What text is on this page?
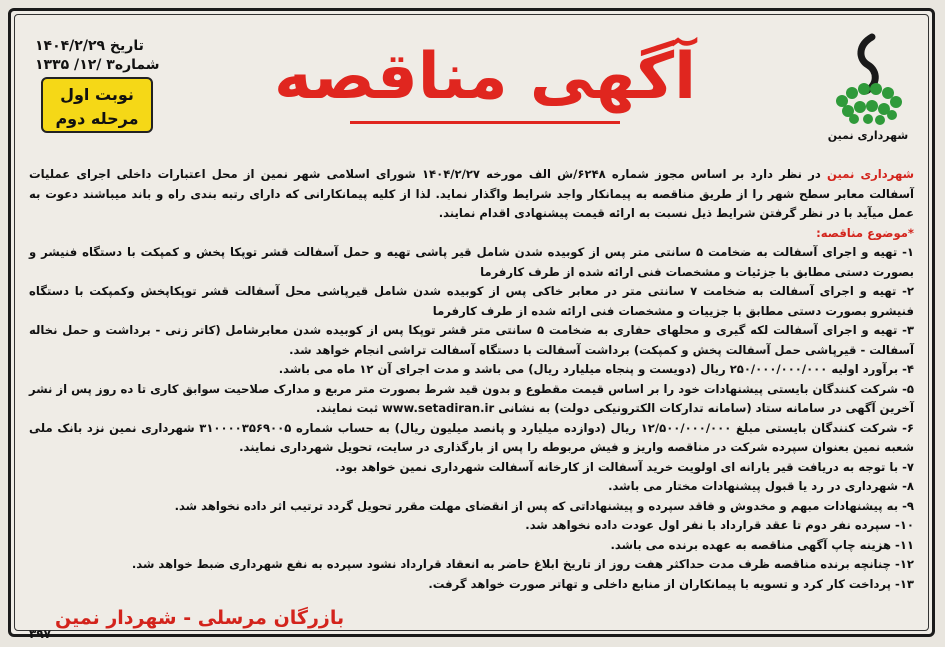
شهرداری نمین
آگهی مناقصه
تاریخ ۱۴۰۴/۲/۲۹
شماره۳ /۱۲/ ۱۳۳۵
نوبت اول
مرحله دوم

شهرداری نمین در نظر دارد بر اساس مجوز شماره ۶۲۴۸/ش الف مورخه ۱۴۰۴/۲/۲۷ شورای اسلامی شهر نمین از محل اعتبارات داخلی اجرای عملیات آسفالت معابر سطح شهر را از طریق مناقصه به پیمانکار واجد شرایط واگذار نماید. لذا از کلیه پیمانکارانی که دارای رتبه بندی راه و باند میباشند دعوت به عمل میآید با در نظر گرفتن شرایط ذیل نسبت به ارائه قیمت پیشنهادی اقدام نمایند.

*موضوع مناقصه:

۱- تهیه و اجرای آسفالت به ضخامت ۵ سانتی متر پس از کوبیده شدن شامل قیر پاشی تهیه و حمل آسفالت قشر توپکا پخش و کمپکت با دستگاه فنیشر و بصورت دستی مطابق با جزئیات و مشخصات فنی ارائه شده از طرف کارفرما
۲- تهیه و اجرای آسفالت به ضخامت ۷ سانتی متر در معابر خاکی پس از کوبیده شدن شامل قیرپاشی محل آسفالت قشر توپکاپخش وکمپکت با دستگاه فنیشرو بصورت دستی مطابق با جزییات و مشخصات فنی ارائه شده از طرف کارفرما
۳- تهیه و اجرای آسفالت لکه گیری و محلهای حفاری به ضخامت ۵ سانتی متر قشر توپکا پس از کوبیده شدن معابرشامل (کاتر زنی - برداشت و حمل نخاله آسفالت - قیرپاشی حمل آسفالت پخش و کمپکت) برداشت آسفالت با دستگاه آسفالت تراشی انجام خواهد شد.
۴- برآورد اولیه ۲۵۰/۰۰۰/۰۰۰/۰۰۰ ریال (دویست و پنجاه میلیارد ریال) می باشد و مدت اجرای آن ۱۲ ماه می باشد.
۵- شرکت کنندگان بایستی پیشنهادات خود را بر اساس قیمت مقطوع و بدون قید شرط بصورت متر مربع و مدارک صلاحیت سوابق کاری تا ده روز پس از نشر آخرین آگهی در سامانه ستاد (سامانه تدارکات الکترونیکی دولت) به نشانی www.setadiran.ir ثبت نمایند.
۶- شرکت کنندگان بایستی مبلغ ۱۲/۵۰۰/۰۰۰/۰۰۰ ریال (دوازده میلیارد و پانصد میلیون ریال) به حساب شماره ۳۱۰۰۰۰۳۵۶۹۰۰۵ شهرداری نمین نزد بانک ملی شعبه نمین بعنوان سپرده شرکت در مناقصه واریز و فیش مربوطه را پس از بارگذاری در سایت، تحویل شهرداری نمایند.
۷- با توجه به دریافت قیر یارانه ای اولویت خرید آسفالت از کارخانه آسفالت شهرداری نمین خواهد بود.
۸- شهرداری در رد یا قبول پیشنهادات مختار می باشد.
۹- به پیشنهادات مبهم و مخدوش و فاقد سپرده و پیشنهاداتی که پس از انقضای مهلت مقرر تحویل گردد ترتیب اثر داده نخواهد شد.
۱۰- سپرده نفر دوم تا عقد قرارداد با نفر اول عودت داده نخواهد شد.
۱۱- هزینه چاپ آگهی مناقصه به عهده برنده می باشد.
۱۲- چنانچه برنده مناقصه ظرف مدت حداکثر هفت روز از تاریخ ابلاغ حاضر به انعقاد قرارداد نشود سپرده به نفع شهرداری ضبط خواهد شد.
۱۳- پرداخت کار کرد و تسویه با پیمانکاران از منابع داخلی و تهاتر صورت خواهد گرفت.
بازرگان مرسلی - شهردار نمین
۳۹۷
